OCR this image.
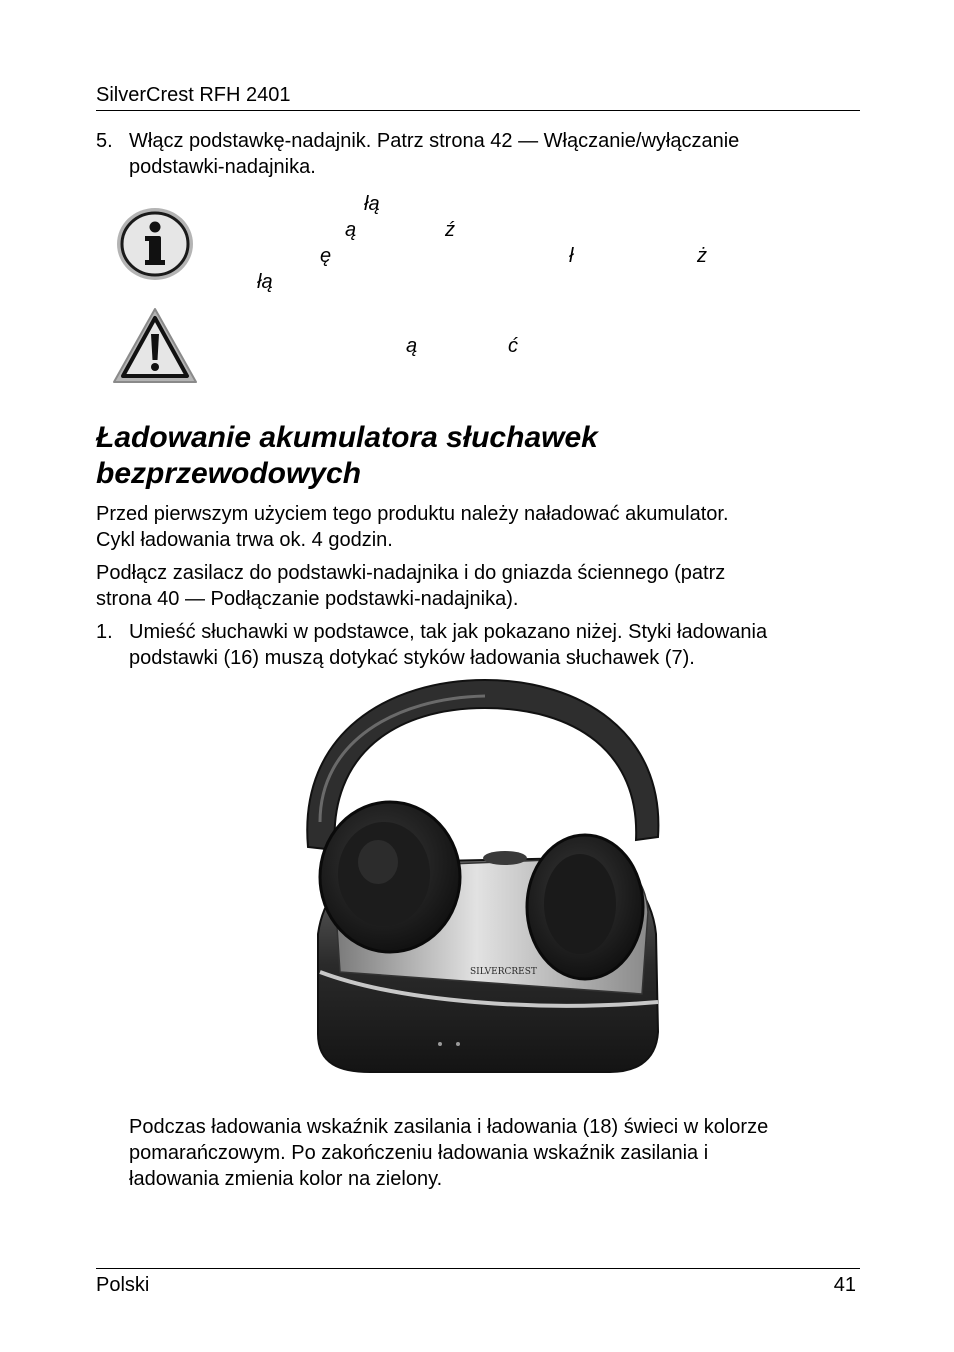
SilverCrest RFH 2401
5. Włącz podstawkę-nadajnik. Patrz strona 42 — Włączanie/wyłączanie
podstawki-nadajnika.
łą
ą	ź
ę	ł	ż
łą
ą	ć
Ładowanie akumulatora słuchawek
bezprzewodowych
Przed pierwszym użyciem tego produktu należy naładować akumulator.
Cykl ładowania trwa ok. 4 godzin.
Podłącz zasilacz do podstawki-nadajnika i do gniazda ściennego (patrz
strona 40 — Podłączanie podstawki-nadajnika).
1. Umieść słuchawki w podstawce, tak jak pokazano niżej. Styki ładowania
podstawki (16) muszą dotykać styków ładowania słuchawek (7).
SILVERCREST
Podczas ładowania wskaźnik zasilania i ładowania (18) świeci w kolorze
pomarańczowym. Po zakończeniu ładowania wskaźnik zasilania i
ładowania zmienia kolor na zielony.
Polski	41
